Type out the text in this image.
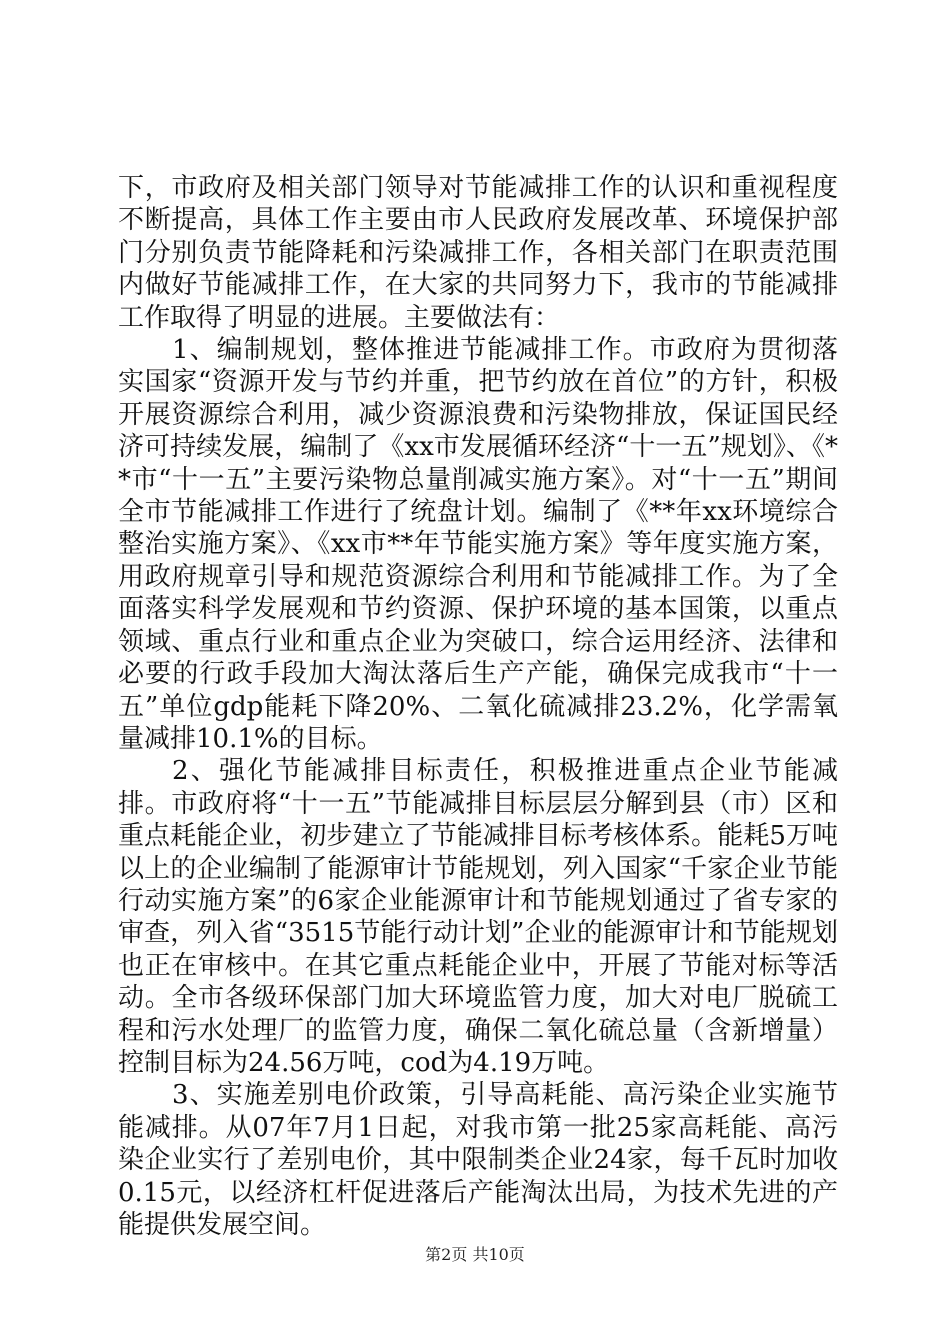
下，市政府及相关部门领导对节能减排工作的认识和重视程度不断提高，具体工作主要由市人民政府发展改革、环境保护部门分别负责节能降耗和污染减排工作，各相关部门在职责范围内做好节能减排工作，在大家的共同努力下，我市的节能减排工作取得了明显的进展。主要做法有：

1、编制规划，整体推进节能减排工作。市政府为贯彻落实国家“资源开发与节约并重，把节约放在首位”的方针，积极开展资源综合利用，减少资源浪费和污染物排放，保证国民经济可持续发展，编制了《xx市发展循环经济“十一五”规划》、《**市“十一五”主要污染物总量削减实施方案》。对“十一五”期间全市节能减排工作进行了统盘计划。编制了《**年xx环境综合整治实施方案》、《xx市**年节能实施方案》等年度实施方案，用政府规章引导和规范资源综合利用和节能减排工作。为了全面落实科学发展观和节约资源、保护环境的基本国策，以重点领域、重点行业和重点企业为突破口，综合运用经济、法律和必要的行政手段加大淘汰落后生产产能，确保完成我市“十一五”单位gdp能耗下降20%、二氧化硫减排23.2%，化学需氧量减排10.1%的目标。

2、强化节能减排目标责任，积极推进重点企业节能减排。市政府将“十一五”节能减排目标层层分解到县（市）区和重点耗能企业，初步建立了节能减排目标考核体系。能耗5万吨以上的企业编制了能源审计节能规划，列入国家“千家企业节能行动实施方案”的6家企业能源审计和节能规划通过了省专家的审查，列入省“3515节能行动计划”企业的能源审计和节能规划也正在审核中。在其它重点耗能企业中，开展了节能对标等活动。全市各级环保部门加大环境监管力度，加大对电厂脱硫工程和污水处理厂的监管力度，确保二氧化硫总量（含新增量）控制目标为24.56万吨，cod为4.19万吨。

3、实施差别电价政策，引导高耗能、高污染企业实施节能减排。从07年7月1日起，对我市第一批25家高耗能、高污染企业实行了差别电价，其中限制类企业24家，每千瓦时加收0.15元，以经济杠杆促进落后产能淘汰出局，为技术先进的产能提供发展空间。

第2页 共10页
